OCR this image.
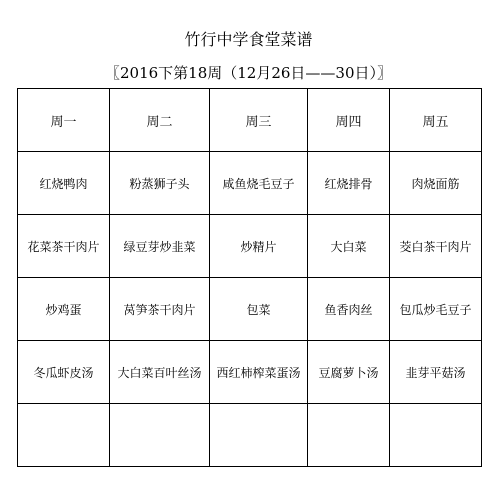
竹行中学食堂菜谱
〖2016下第18周（12月26日——30日）〗
周一	周二	周三	周四	周五
红烧鸭肉	粉蒸狮子头	咸鱼烧毛豆子	红烧排骨	肉烧面筋
花菜茶干肉片	绿豆芽炒韭菜	炒精片	大白菜	茭白茶干肉片
炒鸡蛋	莴笋茶干肉片	包菜	鱼香肉丝	包瓜炒毛豆子
冬瓜虾皮汤	大白菜百叶丝汤	西红柿榨菜蛋汤	豆腐萝卜汤	韭芽平菇汤
